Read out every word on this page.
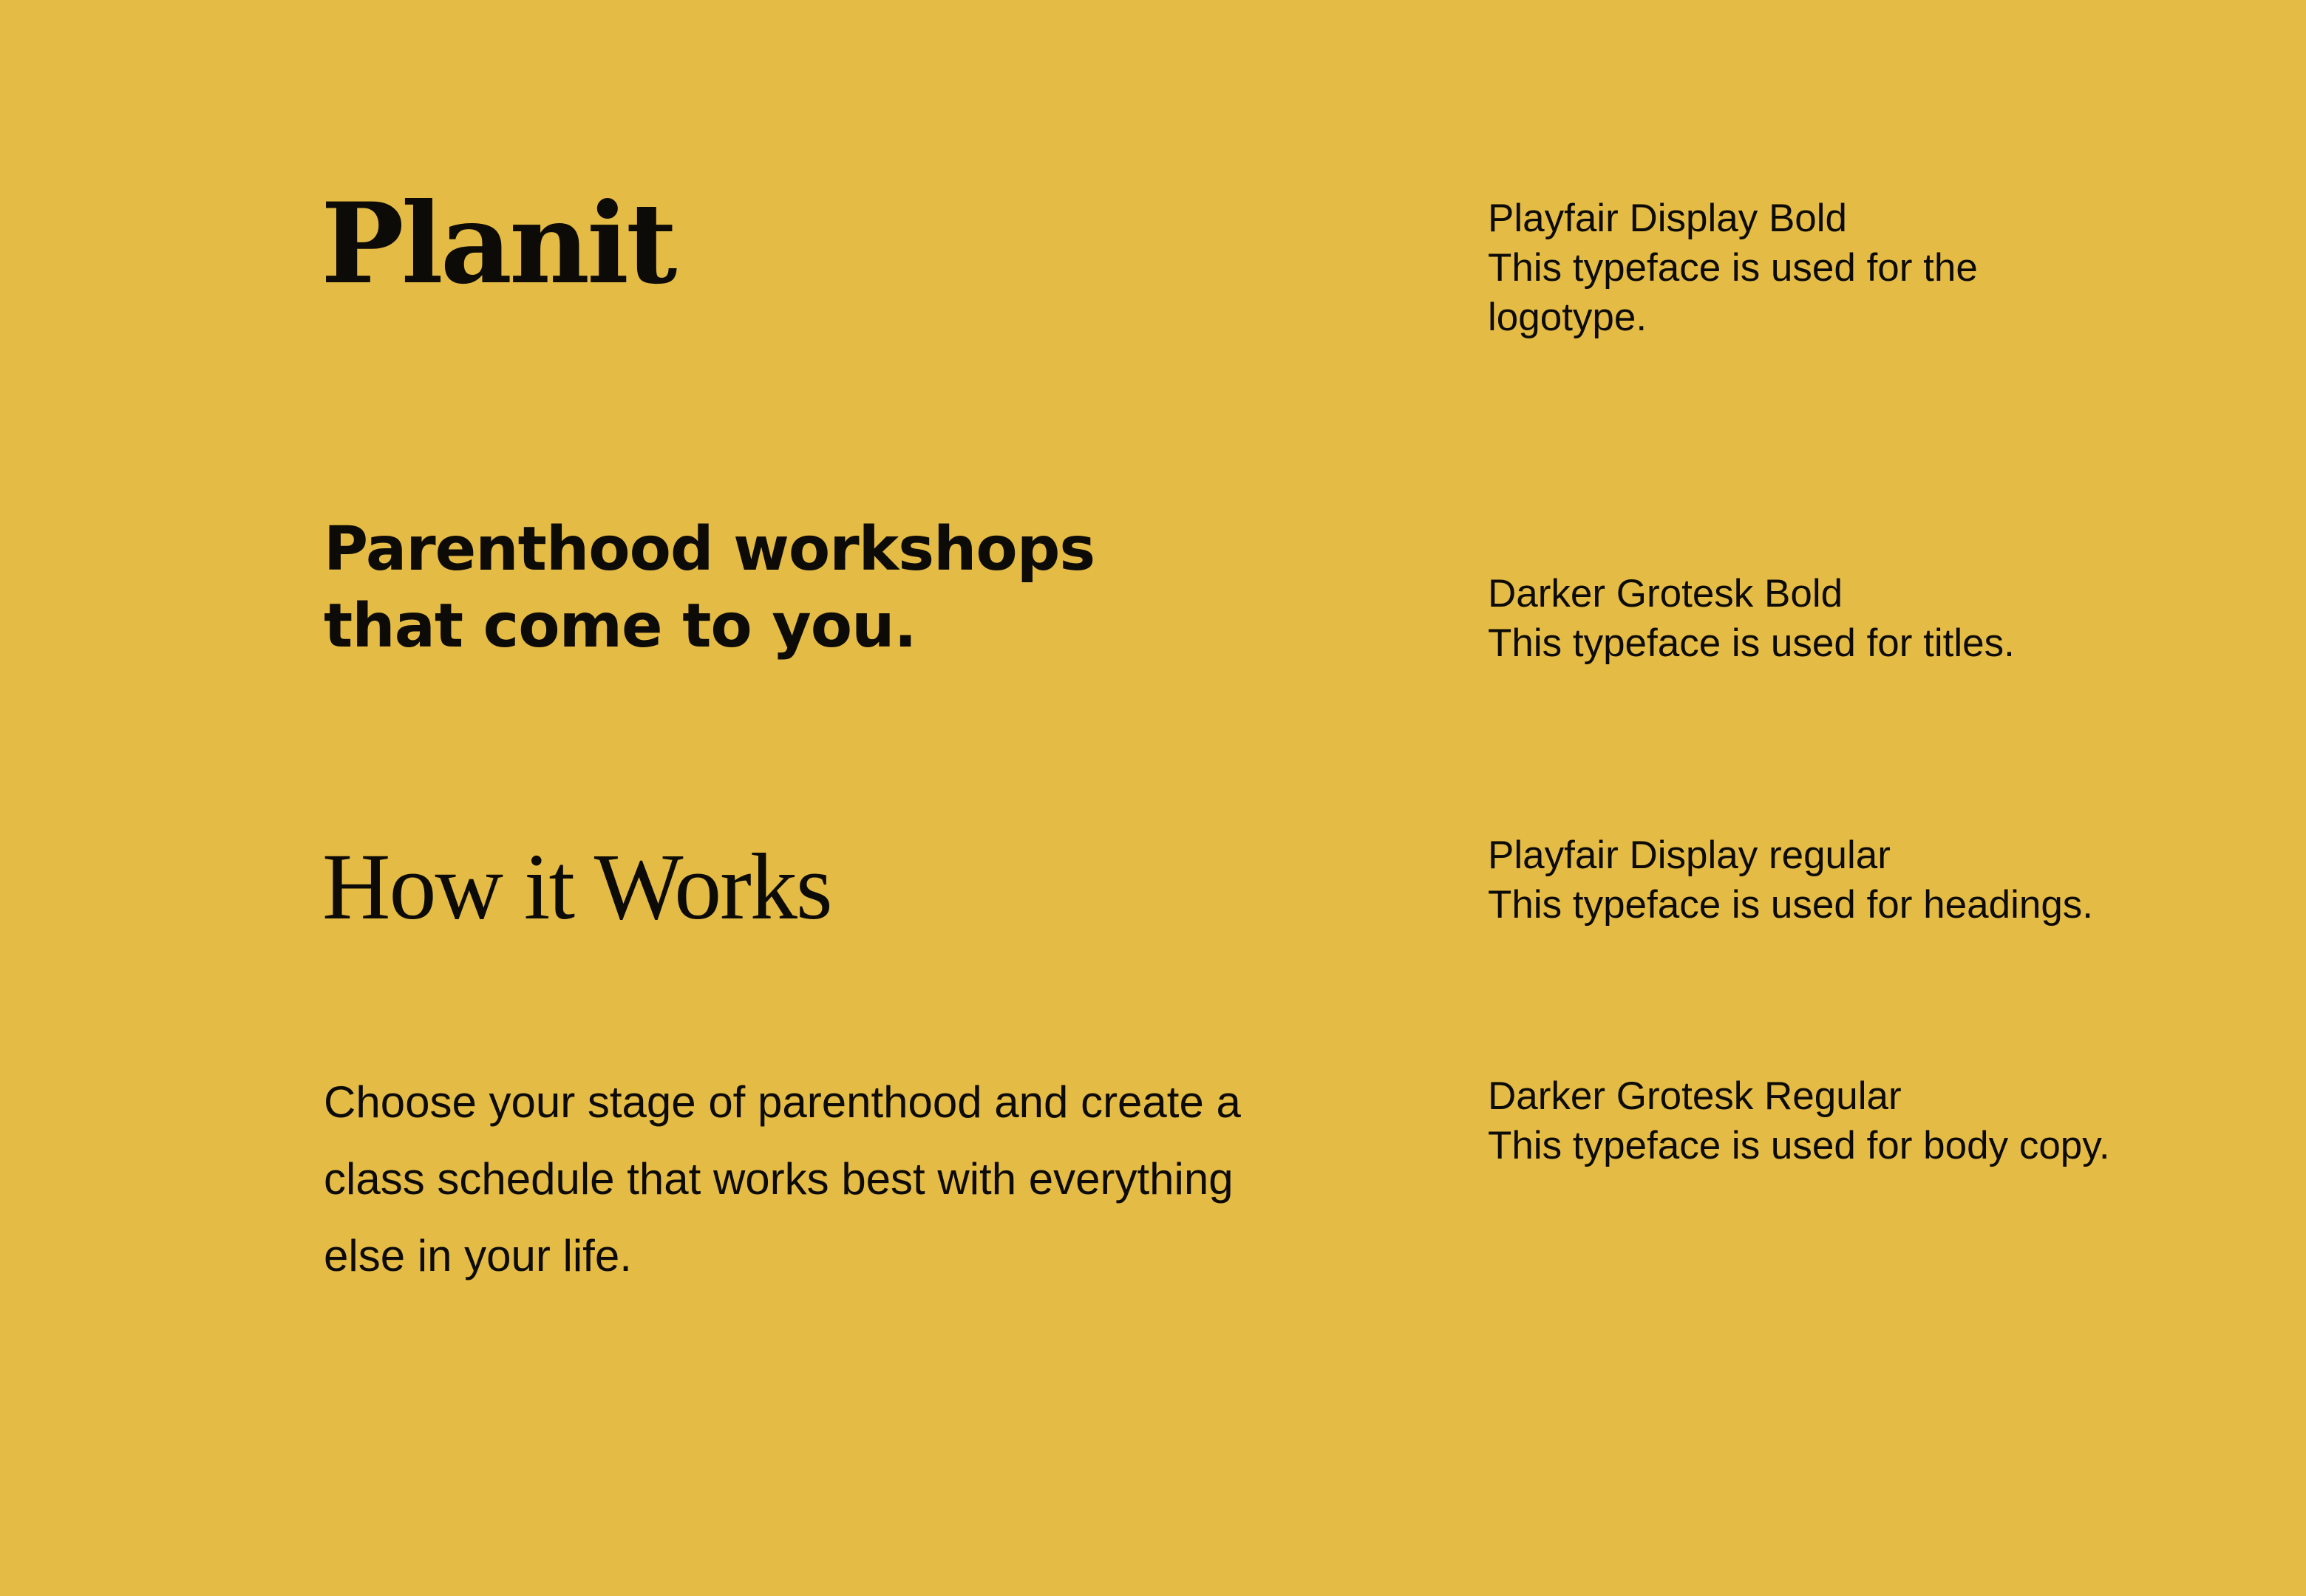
Planit
Parenthood workshops
that come to you.
How it Works
Choose your stage of parenthood and create a
class schedule that works best with everything
else in your life.
Playfair Display Bold
This typeface is used for the
logotype.
Darker Grotesk Bold
This typeface is used for titles.
Playfair Display regular
This typeface is used for headings.
Darker Grotesk Regular
This typeface is used for body copy.
